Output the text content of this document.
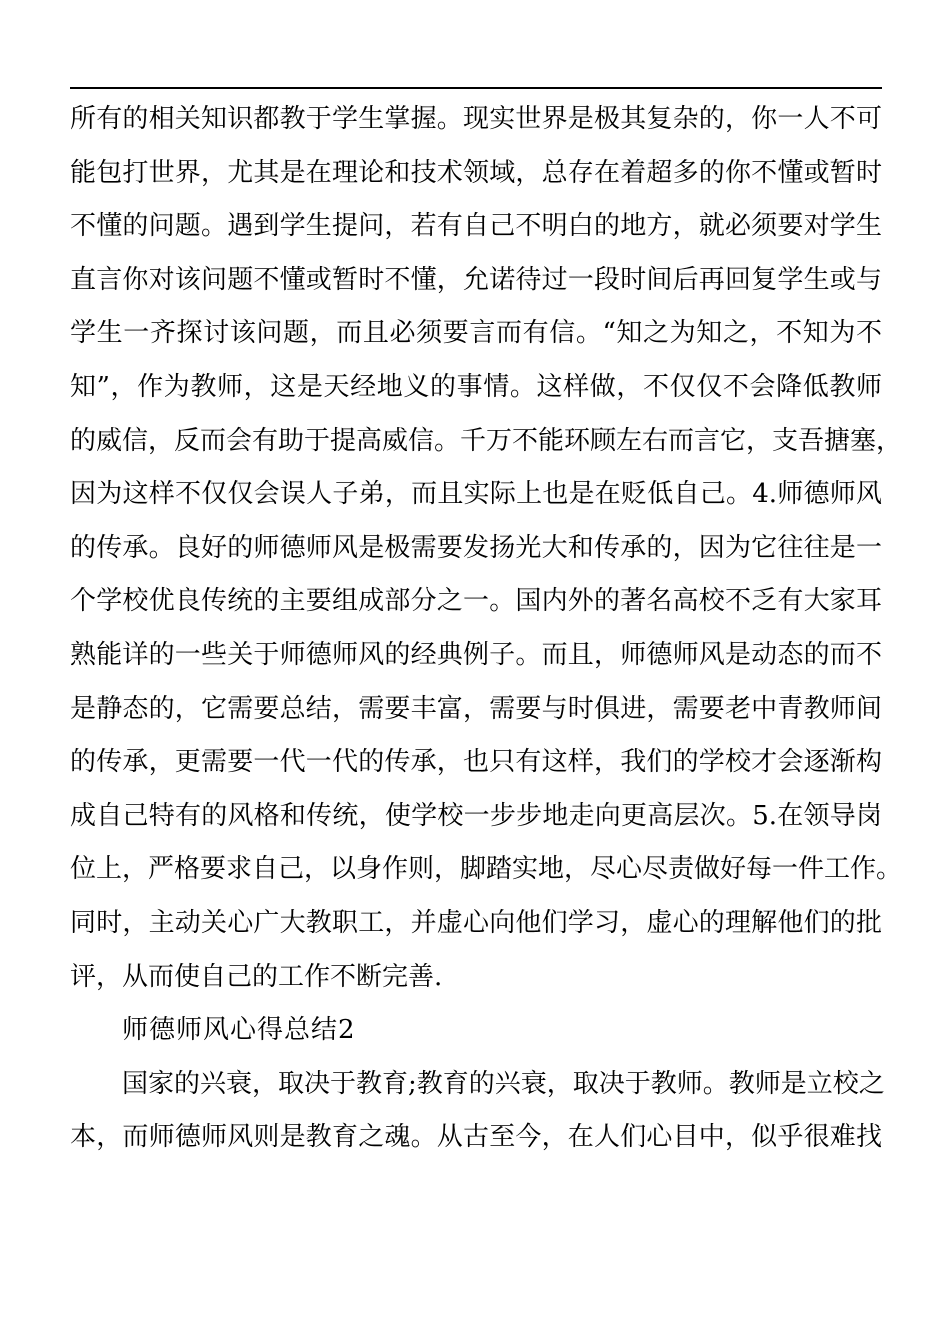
所有的相关知识都教于学生掌握。现实世界是极其复杂的，你一人不可
能包打世界，尤其是在理论和技术领域，总存在着超多的你不懂或暂时
不懂的问题。遇到学生提问，若有自己不明白的地方，就必须要对学生
直言你对该问题不懂或暂时不懂，允诺待过一段时间后再回复学生或与
学生一齐探讨该问题，而且必须要言而有信。“知之为知之，不知为不
知”，作为教师，这是天经地义的事情。这样做，不仅仅不会降低教师
的威信，反而会有助于提高威信。千万不能环顾左右而言它，支吾搪塞，
因为这样不仅仅会误人子弟，而且实际上也是在贬低自己。4.师德师风
的传承。良好的师德师风是极需要发扬光大和传承的，因为它往往是一
个学校优良传统的主要组成部分之一。国内外的著名高校不乏有大家耳
熟能详的一些关于师德师风的经典例子。而且，师德师风是动态的而不
是静态的，它需要总结，需要丰富，需要与时俱进，需要老中青教师间
的传承，更需要一代一代的传承，也只有这样，我们的学校才会逐渐构
成自己特有的风格和传统，使学校一步步地走向更高层次。5.在领导岗
位上，严格要求自己，以身作则，脚踏实地，尽心尽责做好每一件工作。
同时，主动关心广大教职工，并虚心向他们学习，虚心的理解他们的批
评，从而使自己的工作不断完善.
师德师风心得总结2
国家的兴衰，取决于教育;教育的兴衰，取决于教师。教师是立校之
本，而师德师风则是教育之魂。从古至今，在人们心目中，似乎很难找
